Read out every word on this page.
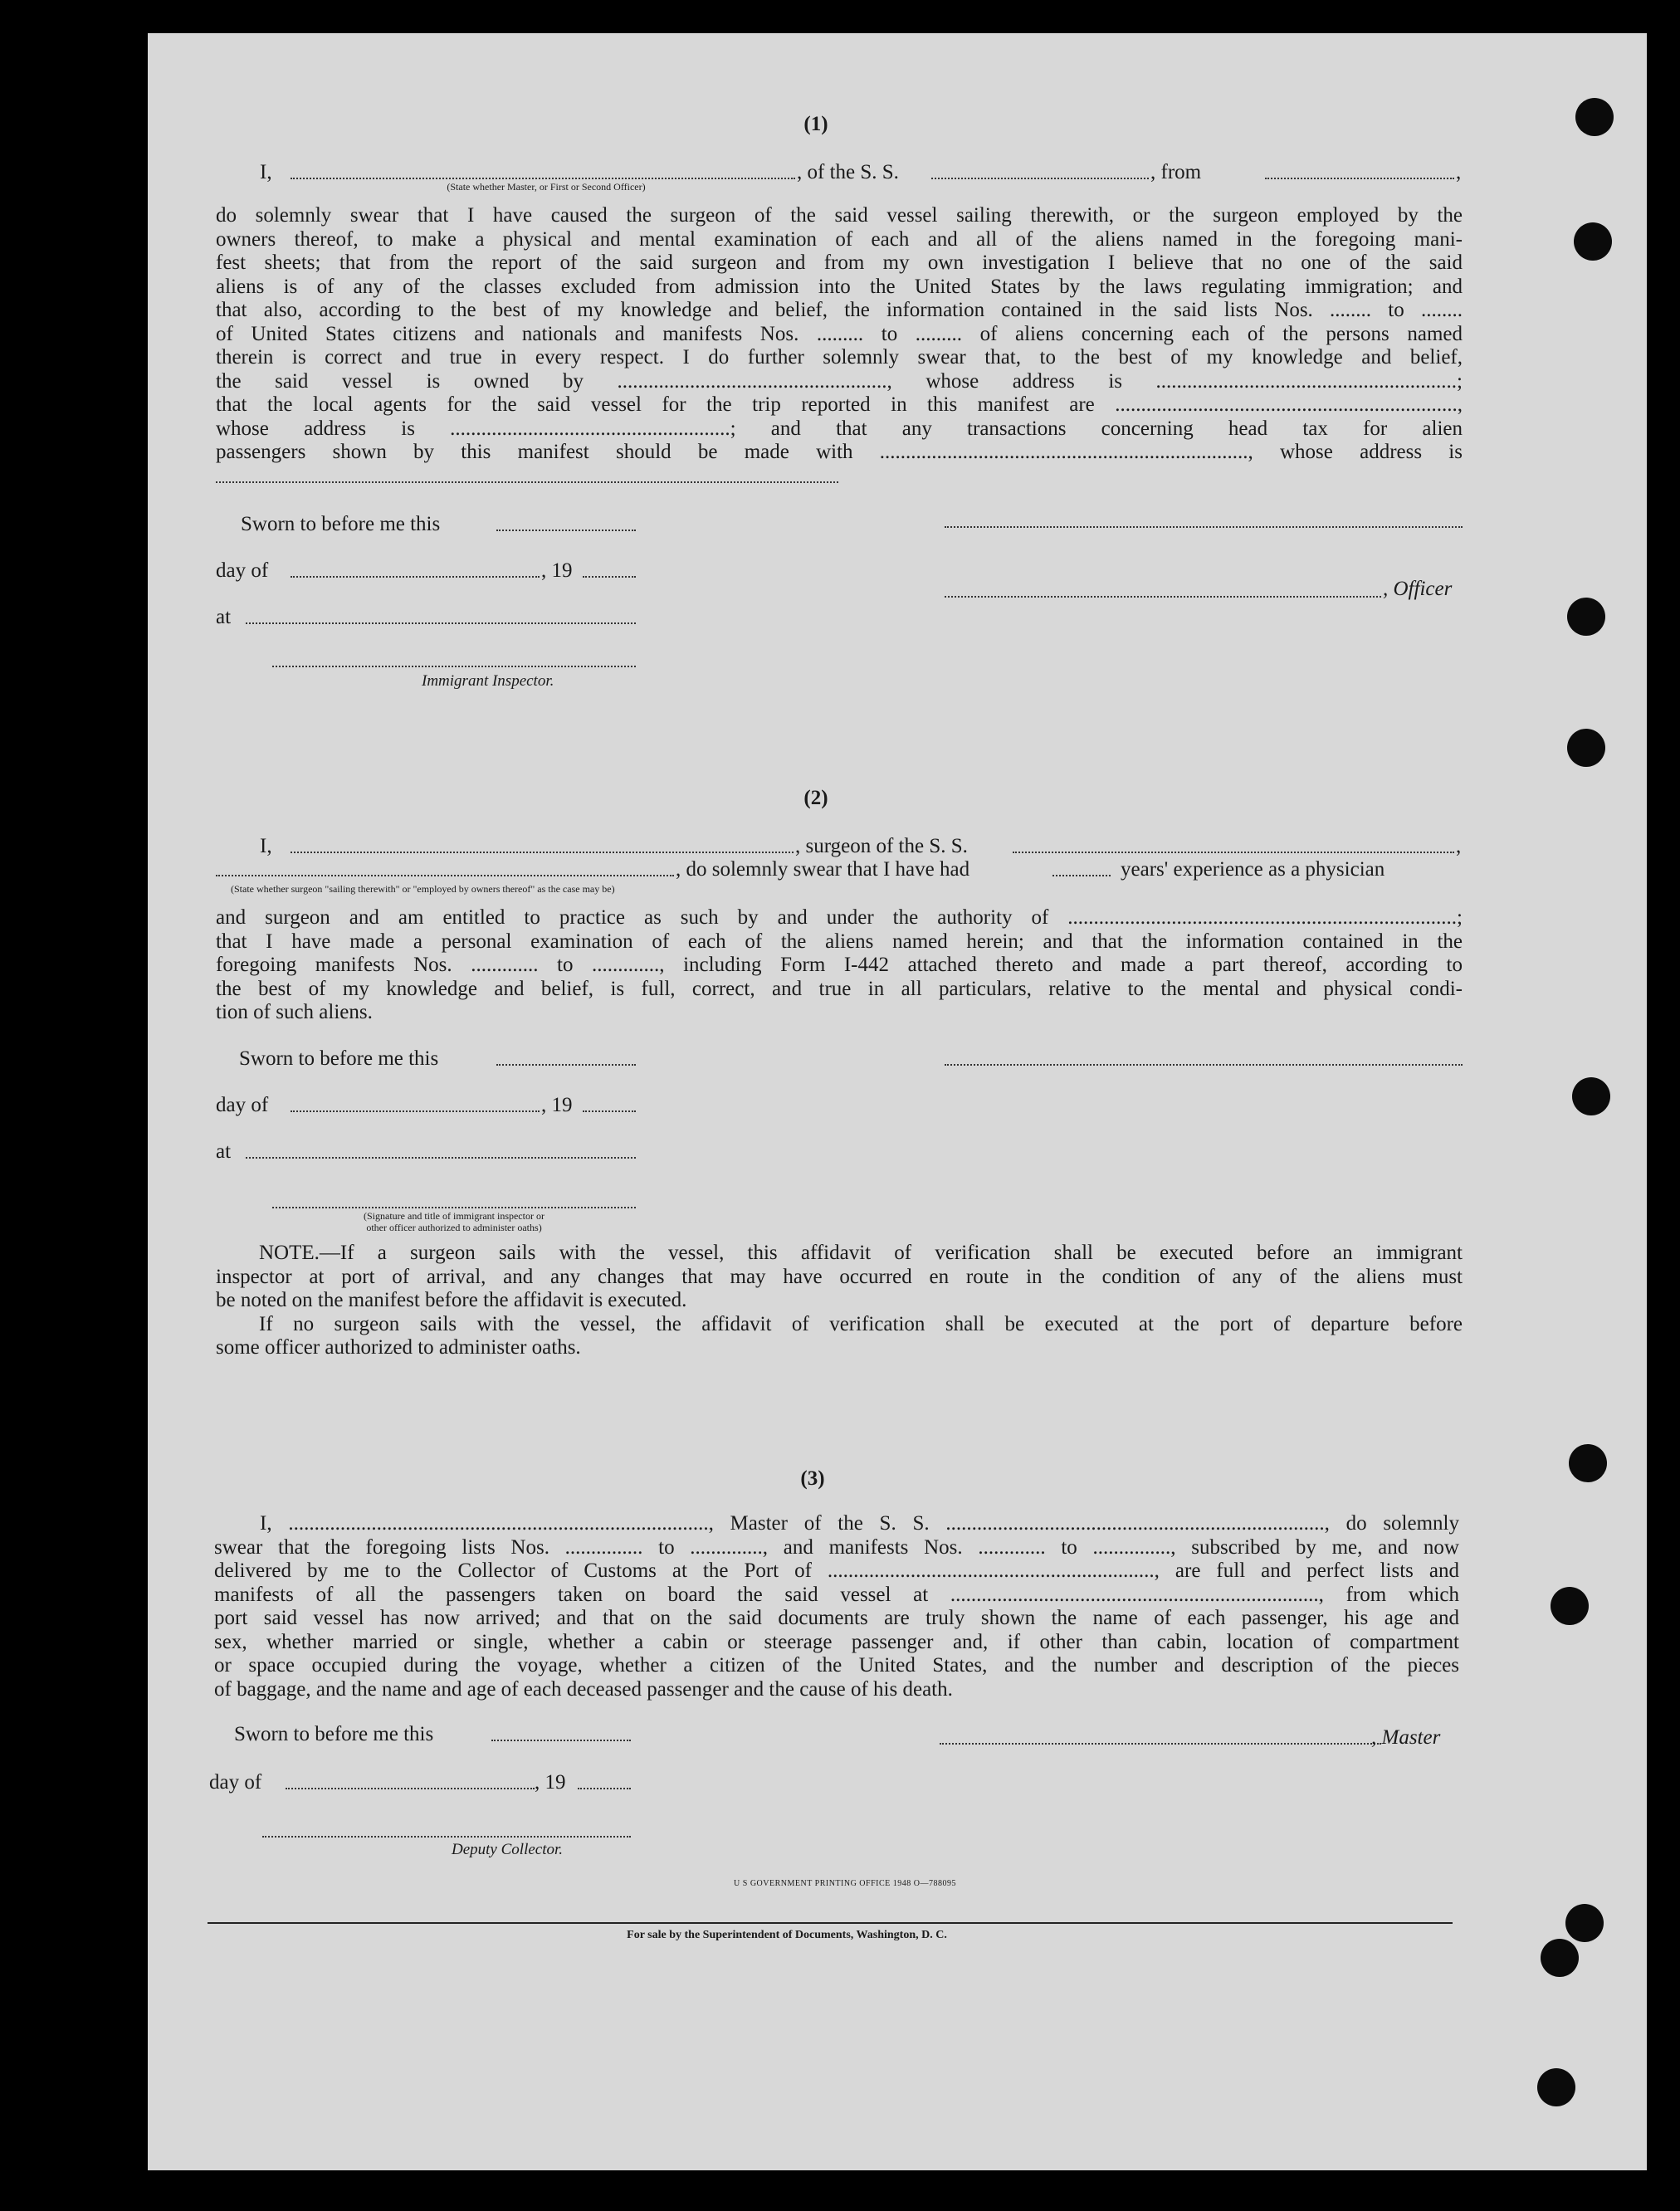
(1)
I,	, of the S. S.	, from	,
(State whether Master, or First or Second Officer)
do solemnly swear that I have caused the surgeon of the said vessel sailing therewith, or the surgeon employed by the
owners thereof, to make a physical and mental examination of each and all of the aliens named in the foregoing mani-
fest sheets; that from the report of the said surgeon and from my own investigation I believe that no one of the said
aliens is of any of the classes excluded from admission into the United States by the laws regulating immigration; and
that also, according to the best of my knowledge and belief, the information contained in the said lists Nos. ........ to ........
of United States citizens and nationals and manifests Nos. ......... to ......... of aliens concerning each of the persons named
therein is correct and true in every respect. I do further solemnly swear that, to the best of my knowledge and belief,
the said vessel is owned by ...................................................., whose address is ..........................................................;
that the local agents for the said vessel for the trip reported in this manifest are ..................................................................,
whose address is ......................................................; and that any transactions concerning head tax for alien
passengers shown by this manifest should be made with ......................................................................., whose address is
Sworn to before me this
day of	, 19
at
Immigrant Inspector.
, Officer
(2)
I,	, surgeon of the S. S.	,
, do solemnly swear that I have had	years' experience as a physician
(State whether surgeon "sailing therewith" or "employed by owners thereof" as the case may be)
and surgeon and am entitled to practice as such by and under the authority of ...........................................................................;
that I have made a personal examination of each of the aliens named herein; and that the information contained in the
foregoing manifests Nos. ............. to ............., including Form I-442 attached thereto and made a part thereof, according to
the best of my knowledge and belief, is full, correct, and true in all particulars, relative to the mental and physical condi-
tion of such aliens.
Sworn to before me this
day of	, 19
at
(Signature and title of immigrant inspector or
other officer authorized to administer oaths)
NOTE.—If a surgeon sails with the vessel, this affidavit of verification shall be executed before an immigrant
inspector at port of arrival, and any changes that may have occurred en route in the condition of any of the aliens must
be noted on the manifest before the affidavit is executed.
If no surgeon sails with the vessel, the affidavit of verification shall be executed at the port of departure before
some officer authorized to administer oaths.
(3)
I, ................................................................................., Master of the S. S. ........................................................................., do solemnly
swear that the foregoing lists Nos. ............... to .............., and manifests Nos. ............. to ..............., subscribed by me, and now
delivered by me to the Collector of Customs at the Port of ..............................................................., are full and perfect lists and
manifests of all the passengers taken on board the said vessel at ......................................................................., from which
port said vessel has now arrived; and that on the said documents are truly shown the name of each passenger, his age and
sex, whether married or single, whether a cabin or steerage passenger and, if other than cabin, location of compartment
or space occupied during the voyage, whether a citizen of the United States, and the number and description of the pieces
of baggage, and the name and age of each deceased passenger and the cause of his death.
Sworn to before me this	, Master
day of	, 19
Deputy Collector.
U S GOVERNMENT PRINTING OFFICE 1948 O—788095
For sale by the Superintendent of Documents, Washington, D. C.
